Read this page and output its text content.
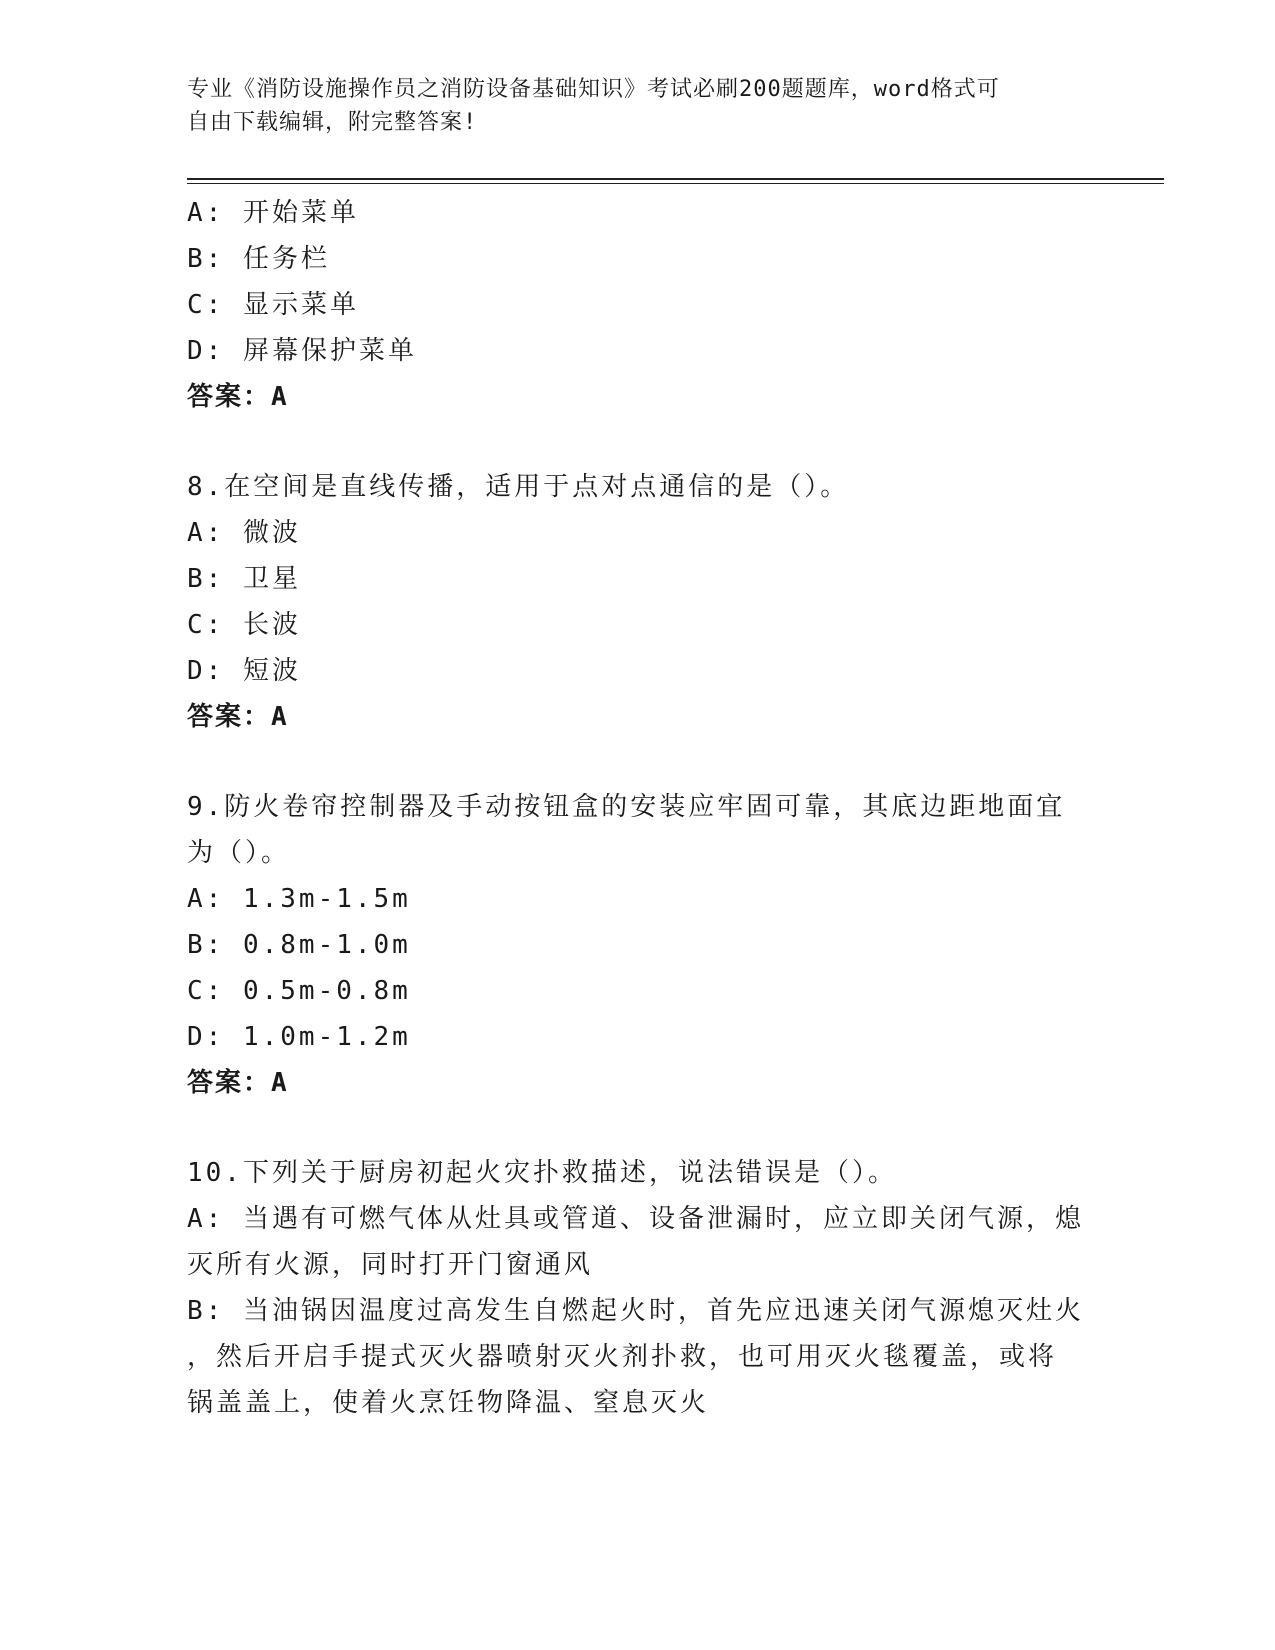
专业《消防设施操作员之消防设备基础知识》考试必刷200题题库，word格式可
自由下载编辑，附完整答案!
A: 开始菜单
B: 任务栏
C: 显示菜单
D: 屏幕保护菜单
答案：A
8.在空间是直线传播，适用于点对点通信的是（）。
A: 微波
B: 卫星
C: 长波
D: 短波
答案：A
9.防火卷帘控制器及手动按钮盒的安装应牢固可靠，其底边距地面宜
为（）。
A: 1.3m-1.5m
B: 0.8m-1.0m
C: 0.5m-0.8m
D: 1.0m-1.2m
答案：A
10.下列关于厨房初起火灾扑救描述，说法错误是（）。
A: 当遇有可燃气体从灶具或管道、设备泄漏时，应立即关闭气源，熄
灭所有火源，同时打开门窗通风
B: 当油锅因温度过高发生自燃起火时，首先应迅速关闭气源熄灭灶火
，然后开启手提式灭火器喷射灭火剂扑救，也可用灭火毯覆盖，或将
锅盖盖上，使着火烹饪物降温、窒息灭火
